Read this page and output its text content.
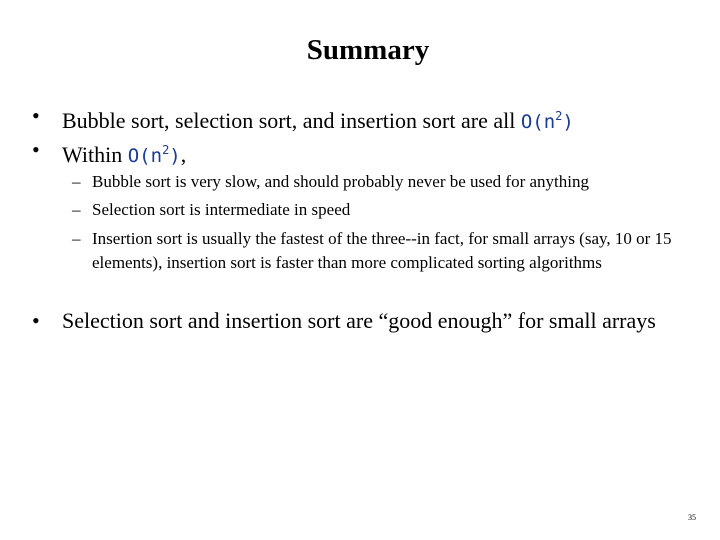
Summary
• Bubble sort, selection sort, and insertion sort are all $O(n^2)$
• Within $O(n^2)$,
– Bubble sort is very slow, and should probably never be used for anything
– Selection sort is intermediate in speed
– Insertion sort is usually the fastest of the three--in fact, for small arrays (say, 10 or 15 elements), insertion sort is faster than more complicated sorting algorithms
• Selection sort and insertion sort are “good enough” for small arrays
35
